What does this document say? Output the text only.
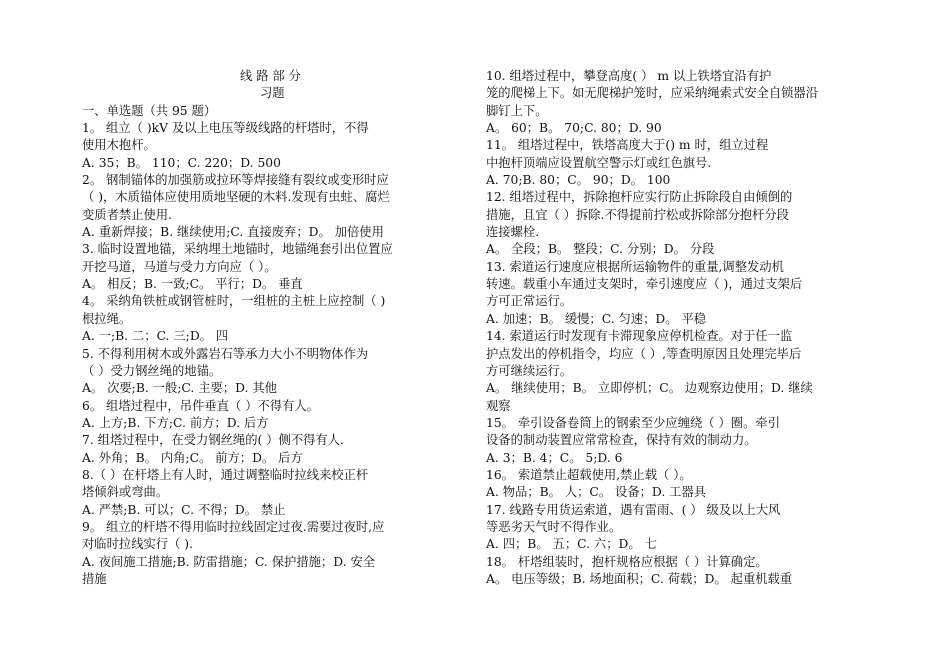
线 路 部 分
习题
一、单选题（共 95 题）
1。 组立（ )kV 及以上电压等级线路的杆塔时，不得
使用木抱杆。
A. 35；B。 110；C. 220；D. 500
2。 钢制锚体的加强筋或拉环等焊接缝有裂纹或变形时应
（ )，木质锚体应使用质地坚硬的木料.发现有虫蛀、腐烂
变质者禁止使用.
A. 重新焊接；B. 继续使用;C. 直接废弃；D。 加倍使用
3. 临时设置地锚，采纳埋土地锚时，地锚绳套引出位置应
开挖马道，马道与受力方向应（ ）。
A。 相反；B. 一致;C。 平行；D。 垂直
4。 采纳角铁桩或钢管桩时，一组桩的主桩上应控制（ )
根拉绳。
A. 一;B. 二；C. 三;D。 四
5. 不得利用树木或外露岩石等承力大小不明物体作为
（ ）受力钢丝绳的地锚。
A。 次要;B. 一般;C. 主要；D. 其他
6。 组塔过程中，吊件垂直（ ）不得有人。
A. 上方;B. 下方;C. 前方；D. 后方
7. 组塔过程中，在受力钢丝绳的( ）侧不得有人.
A. 外角；B。 内角;C。 前方；D。 后方
8.（ ）在杆塔上有人时，通过调整临时拉线来校正杆
塔倾斜或弯曲。
A. 严禁;B. 可以；C. 不得；D。 禁止
9。 组立的杆塔不得用临时拉线固定过夜.需要过夜时,应
对临时拉线实行（ ).
A. 夜间施工措施;B. 防雷措施；C. 保护措施；D. 安全
措施
10. 组塔过程中，攀登高度( ） m 以上铁塔宜沿有护
笼的爬梯上下。如无爬梯护笼时，应采纳绳索式安全自锁器沿
脚钉上下。
A。 60；B。 70;C. 80；D. 90
11。 组塔过程中，铁塔高度大于() m 时，组立过程
中抱杆顶端应设置航空警示灯或红色旗号.
A. 70;B. 80；C。 90；D。 100
12. 组塔过程中，拆除抱杆应实行防止拆除段自由倾倒的
措施，且宜（ ）拆除.不得提前拧松或拆除部分抱杆分段
连接螺栓.
A。 全段；B。 整段；C. 分别；D。 分段
13. 索道运行速度应根据所运输物件的重量,调整发动机
转速。载重小车通过支架时，牵引速度应（ )，通过支架后
方可正常运行。
A. 加速；B。 缓慢；C. 匀速；D。 平稳
14. 索道运行时发现有卡滞现象应停机检查。对于任一监
护点发出的停机指令，均应（ ）,等查明原因且处理完毕后
方可继续运行。
A。 继续使用；B。 立即停机；C。 边观察边使用；D. 继续
观察
15。 牵引设备卷筒上的钢索至少应缠绕（ ）圈。牵引
设备的制动装置应常常检查，保持有效的制动力。
A. 3；B. 4；C。 5;D. 6
16。 索道禁止超载使用,禁止载（ ）。
A. 物品；B。 人；C。 设备；D. 工器具
17. 线路专用货运索道，遇有雷雨、( ） 级及以上大风
等恶劣天气时不得作业。
A. 四；B。 五；C. 六；D。 七
18。 杆塔组装时，抱杆规格应根据（ ）计算确定。
A。 电压等级；B. 场地面积；C. 荷载；D。 起重机载重
